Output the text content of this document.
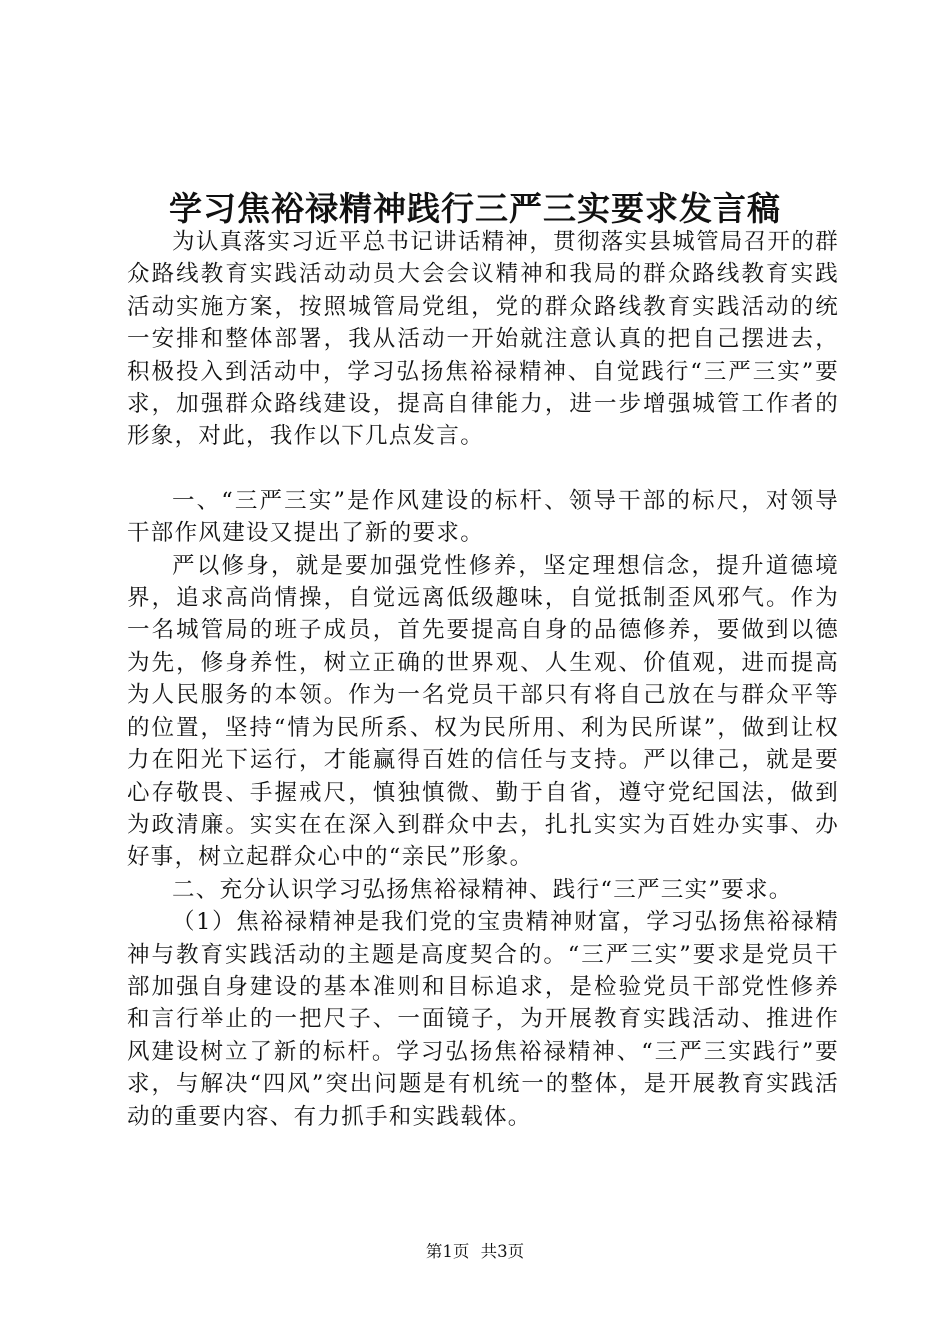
学习焦裕禄精神践行三严三实要求发言稿

为认真落实习近平总书记讲话精神，贯彻落实县城管局召开的群众路线教育实践活动动员大会会议精神和我局的群众路线教育实践活动实施方案，按照城管局党组，党的群众路线教育实践活动的统一安排和整体部署，我从活动一开始就注意认真的把自己摆进去，积极投入到活动中，学习弘扬焦裕禄精神、自觉践行“三严三实”要求，加强群众路线建设，提高自律能力，进一步增强城管工作者的形象，对此，我作以下几点发言。

一、“三严三实”是作风建设的标杆、领导干部的标尺，对领导干部作风建设又提出了新的要求。

严以修身，就是要加强党性修养，坚定理想信念，提升道德境界，追求高尚情操，自觉远离低级趣味，自觉抵制歪风邪气。作为一名城管局的班子成员，首先要提高自身的品德修养，要做到以德为先，修身养性，树立正确的世界观、人生观、价值观，进而提高为人民服务的本领。作为一名党员干部只有将自己放在与群众平等的位置，坚持“情为民所系、权为民所用、利为民所谋”，做到让权力在阳光下运行，才能赢得百姓的信任与支持。严以律己，就是要心存敬畏、手握戒尺，慎独慎微、勤于自省，遵守党纪国法，做到为政清廉。实实在在深入到群众中去，扎扎实实为百姓办实事、办好事，树立起群众心中的“亲民”形象。

二、充分认识学习弘扬焦裕禄精神、践行“三严三实”要求。

（1）焦裕禄精神是我们党的宝贵精神财富，学习弘扬焦裕禄精神与教育实践活动的主题是高度契合的。“三严三实”要求是党员干部加强自身建设的基本准则和目标追求，是检验党员干部党性修养和言行举止的一把尺子、一面镜子，为开展教育实践活动、推进作风建设树立了新的标杆。学习弘扬焦裕禄精神、“三严三实践行”要求，与解决“四风”突出问题是有机统一的整体，是开展教育实践活动的重要内容、有力抓手和实践载体。

第1页 共3页
